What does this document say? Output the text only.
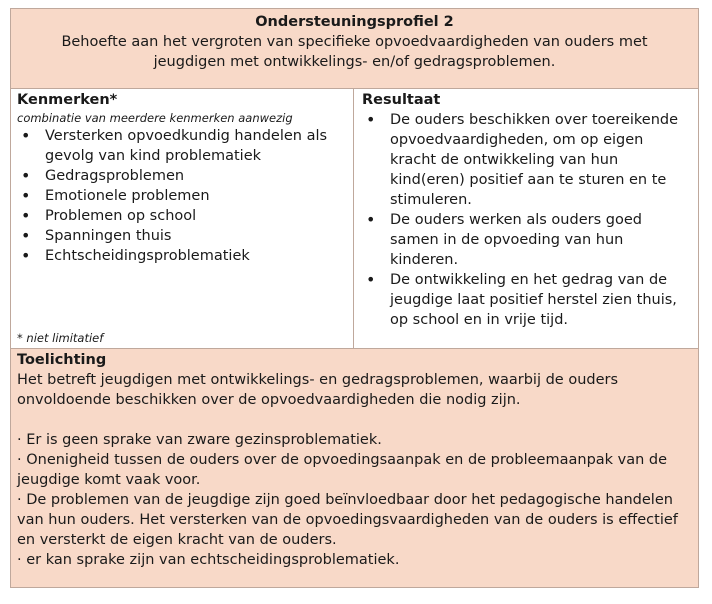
Ondersteuningsprofiel 2
Behoefte aan het vergroten van specifieke opvoedvaardigheden van ouders met jeugdigen met ontwikkelings- en/of gedragsproblemen.
Kenmerken*
combinatie van meerdere kenmerken aanwezig
• Versterken opvoedkundig handelen als gevolg van kind problematiek
• Gedragsproblemen
• Emotionele problemen
• Problemen op school
• Spanningen thuis
• Echtscheidingsproblematiek
* niet limitatief
Resultaat
• De ouders beschikken over toereikende opvoedvaardigheden, om op eigen kracht de ontwikkeling van hun kind(eren) positief aan te sturen en te stimuleren.
• De ouders werken als ouders goed samen in de opvoeding van hun kinderen.
• De ontwikkeling en het gedrag van de jeugdige laat positief herstel zien thuis, op school en in vrije tijd.
Toelichting

Het betreft jeugdigen met ontwikkelings- en gedragsproblemen, waarbij de ouders onvoldoende beschikken over de opvoedvaardigheden die nodig zijn.

· Er is geen sprake van zware gezinsproblematiek.

· Onenigheid tussen de ouders over de opvoedingsaanpak en de probleemaanpak van de jeugdige komt vaak voor.

· De problemen van de jeugdige zijn goed beïnvloedbaar door het pedagogische handelen van hun ouders. Het versterken van de opvoedingsvaardigheden van de ouders is effectief en versterkt de eigen kracht van de ouders.

· er kan sprake zijn van echtscheidingsproblematiek.
